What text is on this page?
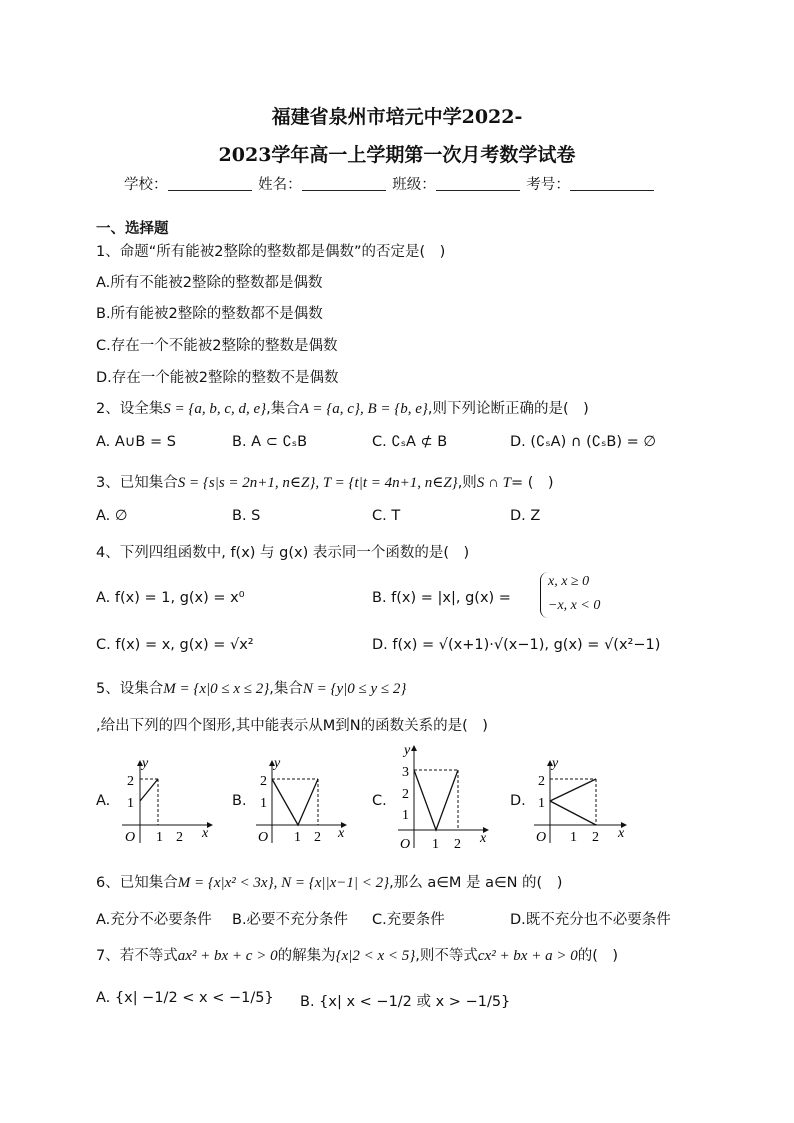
福建省泉州市培元中学2022-
2023学年高一上学期第一次月考数学试卷
学校：	姓名：	班级：	考号：
一、选择题
1、命题“所有能被2整除的整数都是偶数”的否定是(　)
A.所有不能被2整除的整数都是偶数
B.所有能被2整除的整数都不是偶数
C.存在一个不能被2整除的整数是偶数
D.存在一个能被2整除的整数不是偶数
2、设全集S = {a, b, c, d, e},集合A = {a, c}, B = {b, e},则下列论断正确的是(　)
A. A∪B = S	B. A ⊂ ∁ₛB	C. ∁ₛA ⊄ B	D. (∁ₛA) ∩ (∁ₛB) = ∅
3、已知集合S = {s|s = 2n+1, n∈Z}, T = {t|t = 4n+1, n∈Z},则S ∩ T= (　)
A. ∅	B. S	C. T	D. Z
4、下列四组函数中, f(x) 与 g(x) 表示同一个函数的是(　)
A. f(x) = 1, g(x) = x⁰	B. f(x) = |x|, g(x) =
x, x ≥ 0
−x, x < 0
C. f(x) = x, g(x) = √x²	D. f(x) = √(x+1)·√(x−1), g(x) = √(x²−1)
5、设集合M = {x|0 ≤ x ≤ 2},集合N = {y|0 ≤ y ≤ 2}
,给出下列的四个图形,其中能表示从M到N的函数关系的是(　)
A.	B.	C.	D.
O 1 2
1
2
x
y
O 1 2
1
2
x
y
O 1 2
1
2
3
x
y
O 1 2
1
2
x
y
6、已知集合M = {x|x² < 3x}, N = {x||x−1| < 2},那么 a∈M 是 a∈N 的(　)
A.充分不必要条件 B.必要不充分条件 C.充要条件	D.既不充分也不必要条件
7、若不等式ax² + bx + c > 0的解集为{x|2 < x < 5},则不等式cx² + bx + a > 0的(　)
A. {x| −1/2 < x < −1/5} B. {x| x < −1/2 或 x > −1/5}
